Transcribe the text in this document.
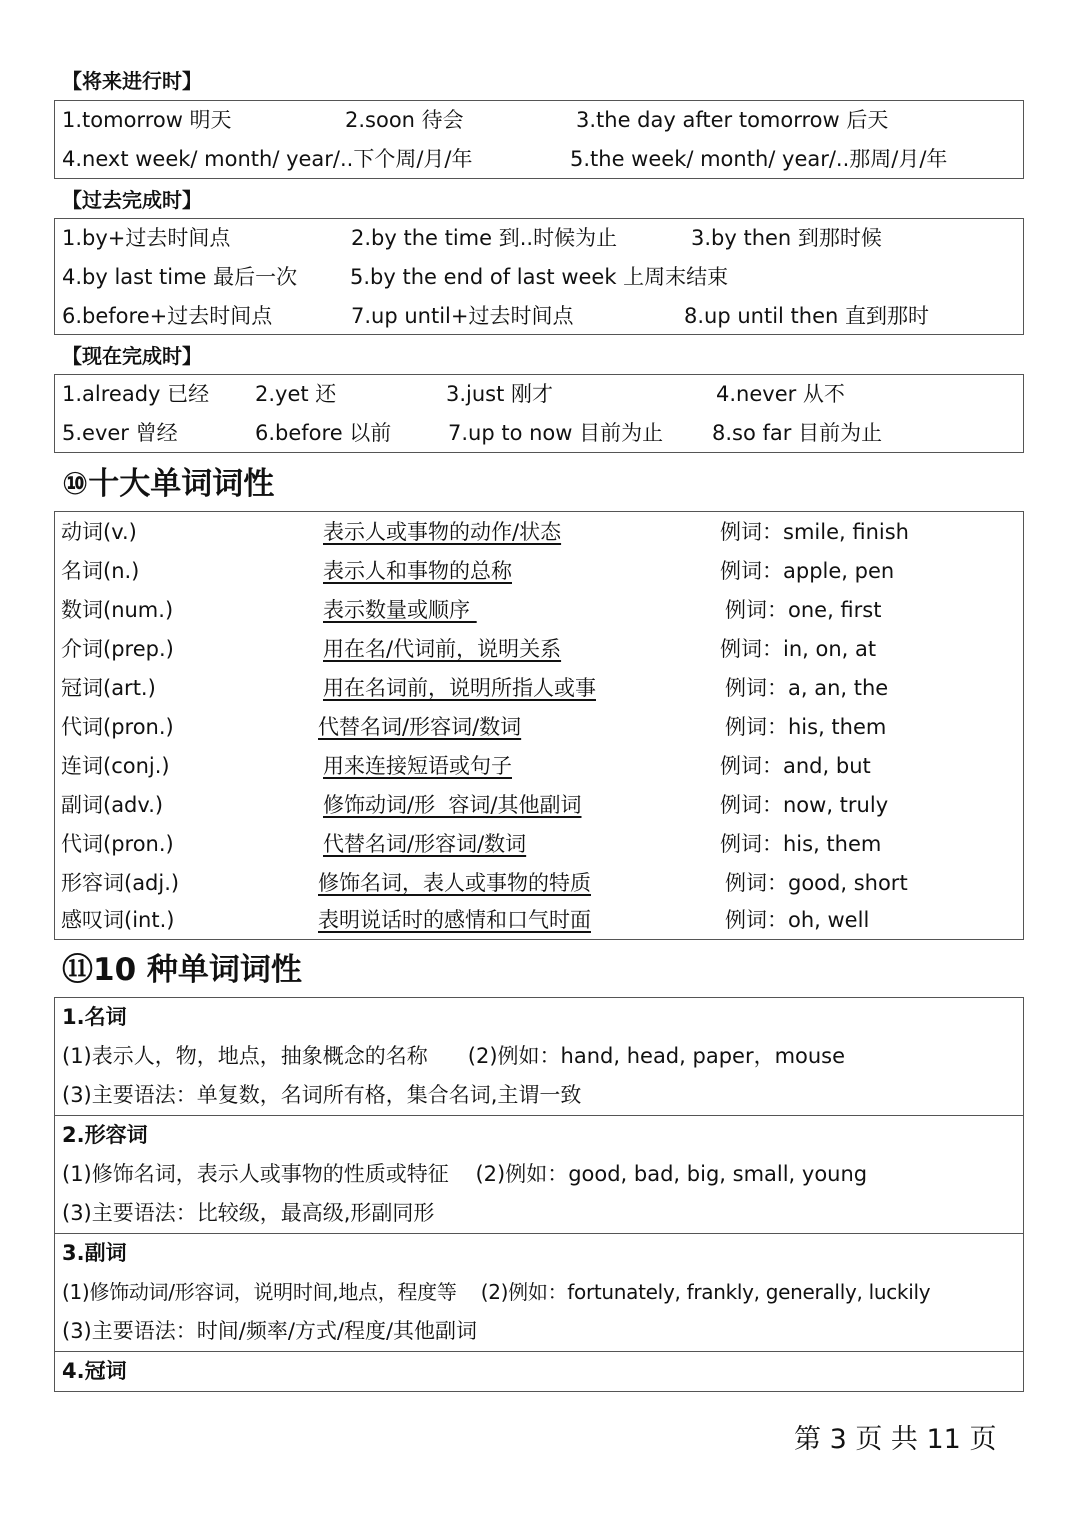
【将来进行时】
1.tomorrow 明天	2.soon 待会	3.the day after tomorrow 后天
4.next week/ month/ year/..下个周/月/年	5.the week/ month/ year/..那周/月/年
【过去完成时】
1.by+过去时间点	2.by the time 到..时候为止	3.by then 到那时候
4.by last time 最后一次	5.by the end of last week 上周末结束
6.before+过去时间点	7.up until+过去时间点	8.up until then 直到那时
【现在完成时】
1.already 已经 2.yet 还	3.just 刚才	4.never 从不
5.ever 曾经	6.before 以前	7.up to now 目前为止 8.so far 目前为止
⑩十大单词词性
动词(v.)	表示人或事物的动作/状态	例词：smile, finish
名词(n.)	表示人和事物的总称	例词：apple, pen
数词(num.)	表示数量或顺序	例词：one, first
介词(prep.)	用在名/代词前，说明关系	例词：in, on, at
冠词(art.)	用在名词前，说明所指人或事	例词：a, an, the
代词(pron.)	代替名词/形容词/数词	例词：his, them
连词(conj.)	用来连接短语或句子	例词：and, but
副词(adv.)	修饰动词/形  容词/其他副词	例词：now, truly
代词(pron.)	代替名词/形容词/数词	例词：his, them
形容词(adj.)	修饰名词，表人或事物的特质	例词：good, short
感叹词(int.)	表明说话时的感情和口气时面	例词：oh, well
⑪10 种单词词性
1.名词
(1)表示人，物，地点，抽象概念的名称      (2)例如：hand, head, paper，mouse
(3)主要语法：单复数，名词所有格，集合名词,主谓一致
2.形容词
(1)修饰名词，表示人或事物的性质或特征    (2)例如：good, bad, big, small, young
(3)主要语法：比较级，最高级,形副同形
3.副词
(1)修饰动词/形容词，说明时间,地点，程度等    (2)例如：fortunately, frankly, generally, luckily
(3)主要语法：时间/频率/方式/程度/其他副词
4.冠词
第 3 页 共 11 页
